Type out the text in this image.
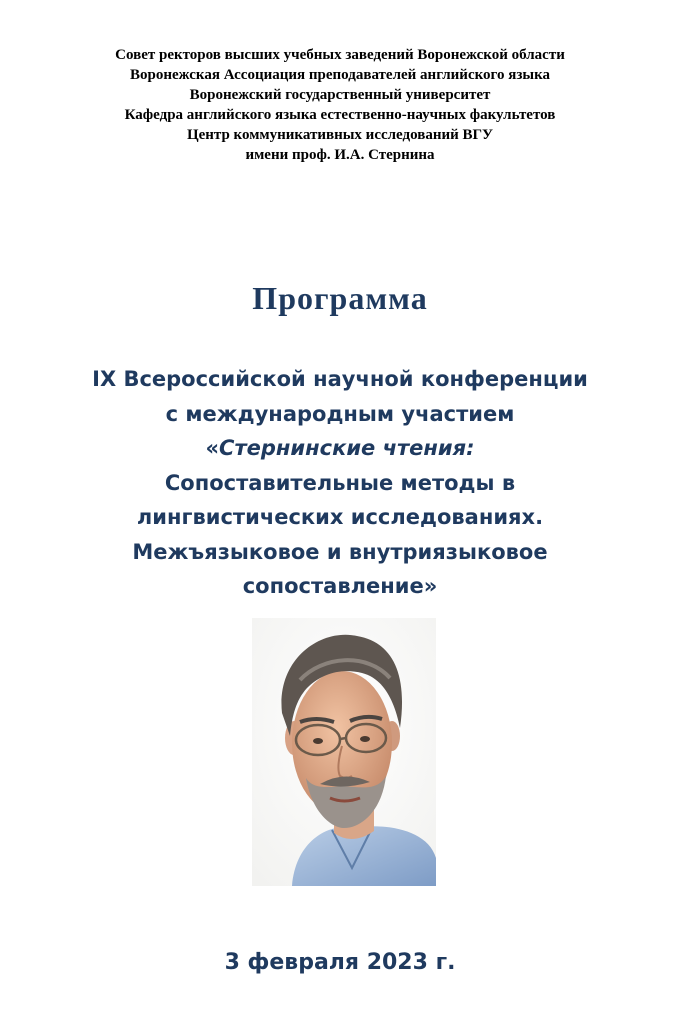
Совет ректоров высших учебных заведений Воронежской области
Воронежская Ассоциация преподавателей английского языка
Воронежский государственный университет
Кафедра английского языка естественно-научных факультетов
Центр коммуникативных исследований ВГУ
имени проф. И.А. Стернина
Программа
IX Всероссийской научной конференции
с международным участием
«Стернинские чтения:
Сопоставительные методы в
лингвистических исследованиях.
Межъязыковое и внутриязыковое
сопоставление»
3 февраля 2023 г.
